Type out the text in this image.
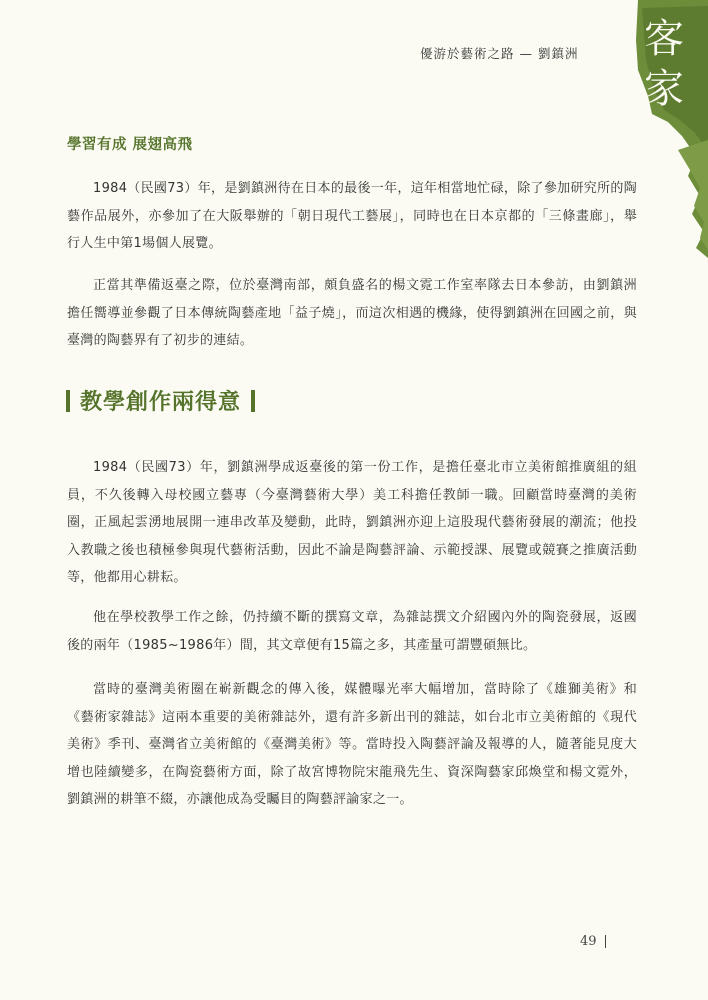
優游於藝術之路 — 劉鎮洲	客
家
學習有成 展翅高飛

1984（民國73）年，是劉鎮洲待在日本的最後一年，這年相當地忙碌，除了參加研究所的陶藝作品展外，亦參加了在大阪舉辦的「朝日現代工藝展」，同時也在日本京都的「三條畫廊」，舉行人生中第1場個人展覽。

正當其準備返臺之際，位於臺灣南部，頗負盛名的楊文霓工作室率隊去日本參訪，由劉鎮洲擔任嚮導並參觀了日本傳統陶藝產地「益子燒」，而這次相遇的機緣，使得劉鎮洲在回國之前，與臺灣的陶藝界有了初步的連結。

教學創作兩得意

1984（民國73）年，劉鎮洲學成返臺後的第一份工作，是擔任臺北市立美術館推廣組的組員，不久後轉入母校國立藝專（今臺灣藝術大學）美工科擔任教師一職。回顧當時臺灣的美術圈，正風起雲湧地展開一連串改革及變動，此時，劉鎮洲亦迎上這股現代藝術發展的潮流；他投入教職之後也積極參與現代藝術活動，因此不論是陶藝評論、示範授課、展覽或競賽之推廣活動等，他都用心耕耘。

他在學校教學工作之餘，仍持續不斷的撰寫文章，為雜誌撰文介紹國內外的陶瓷發展，返國後的兩年（1985~1986年）間，其文章便有15篇之多，其產量可謂豐碩無比。

當時的臺灣美術圈在嶄新觀念的傳入後，媒體曝光率大幅增加，當時除了《雄獅美術》和《藝術家雜誌》這兩本重要的美術雜誌外，還有許多新出刊的雜誌，如台北市立美術館的《現代美術》季刊、臺灣省立美術館的《臺灣美術》等。當時投入陶藝評論及報導的人，隨著能見度大增也陸續變多，在陶瓷藝術方面，除了故宮博物院宋龍飛先生、資深陶藝家邱煥堂和楊文霓外，劉鎮洲的耕筆不綴，亦讓他成為受矚目的陶藝評論家之一。

49
